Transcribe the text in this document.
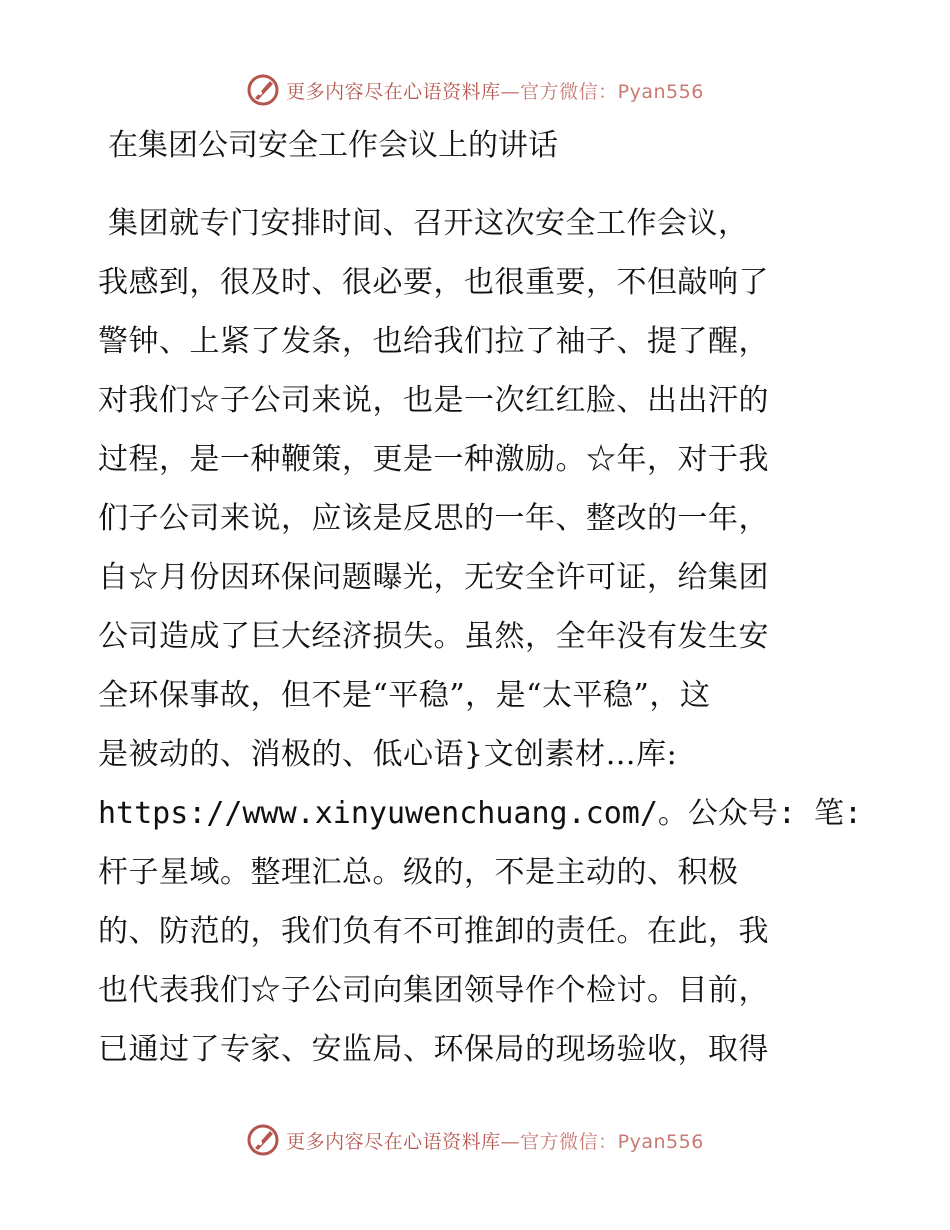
更多内容尽在心语资料库—官方微信：Pyan556
在集团公司安全工作会议上的讲话
集团就专门安排时间、召开这次安全工作会议，
我感到，很及时、很必要，也很重要，不但敲响了
警钟、上紧了发条，也给我们拉了袖子、提了醒，
对我们☆子公司来说，也是一次红红脸、出出汗的
过程，是一种鞭策，更是一种激励。☆年，对于我
们子公司来说，应该是反思的一年、整改的一年，
自☆月份因环保问题曝光，无安全许可证，给集团
公司造成了巨大经济损失。虽然，全年没有发生安
全环保事故，但不是“平稳”，是“太平稳”，这
是被动的、消极的、低心语}文创素材…库:
https://www.xinyuwenchuang.com/。公众号: 笔:
杆子星域。整理汇总。级的，不是主动的、积极
的、防范的，我们负有不可推卸的责任。在此，我
也代表我们☆子公司向集团领导作个检讨。目前，
已通过了专家、安监局、环保局的现场验收，取得
更多内容尽在心语资料库—官方微信：Pyan556
